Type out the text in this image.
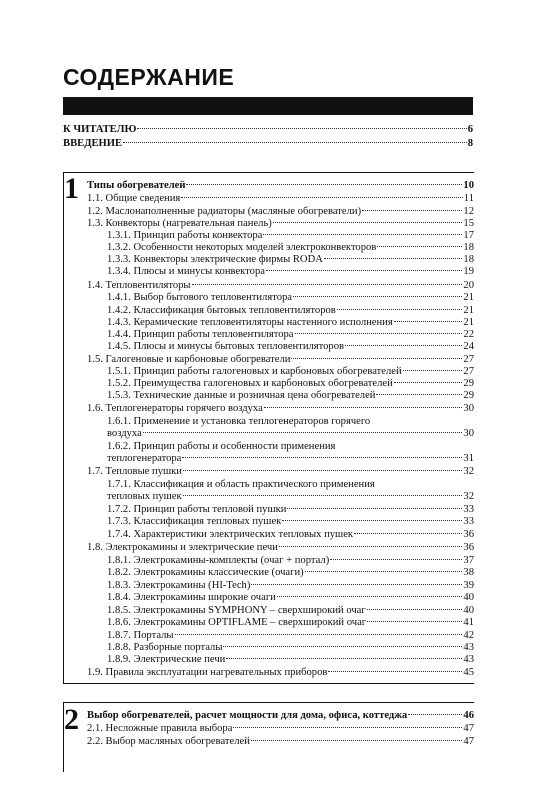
СОДЕРЖАНИЕ
К ЧИТАТЕЛЮ	6
ВВЕДЕНИЕ	8
1 Типы обогревателей	10
1.1. Общие сведения	11
1.2. Маслонаполненные радиаторы (масляные обогреватели)	12
1.3. Конвекторы (нагревательная панель)	15
1.3.1. Принцип работы конвектора	17
1.3.2. Особенности некоторых моделей электроконвекторов	18
1.3.3. Конвекторы электрические фирмы RODA	18
1.3.4. Плюсы и минусы конвектора	19
1.4. Тепловентиляторы	20
1.4.1. Выбор бытового тепловентилятора	21
1.4.2. Классификация бытовых тепловентиляторов	21
1.4.3. Керамические тепловентиляторы настенного исполнения	21
1.4.4. Принцип работы тепловентилятора	22
1.4.5. Плюсы и минусы бытовых тепловентиляторов	24
1.5. Галогеновые и карбоновые обогреватели	27
1.5.1. Принцип работы галогеновых и карбоновых обогревателей	27
1.5.2. Преимущества галогеновых и карбоновых обогревателей	29
1.5.3. Технические данные и розничная цена обогревателей	29
1.6. Теплогенераторы горячего воздуха	30
1.6.1. Применение и установка теплогенераторов горячего
воздуха	30
1.6.2. Принцип работы и особенности применения
теплогенератора	31
1.7. Тепловые пушки	32
1.7.1. Классификация и область практического применения
тепловых пушек	32
1.7.2. Принцип работы тепловой пушки	33
1.7.3. Классификация тепловых пушек	33
1.7.4. Характеристики электрических тепловых пушек	36
1.8. Электрокамины и электрические печи	36
1.8.1. Электрокамины-комплекты (очаг + портал)	37
1.8.2. Электрокамины классические (очаги)	38
1.8.3. Электрокамины (HI-Tech)	39
1.8.4. Электрокамины широкие очаги	40
1.8.5. Электрокамины SYMPHONY – сверхширокий очаг	40
1.8.6. Электрокамины OPTIFLAME – сверхширокий очаг	41
1.8.7. Порталы	42
1.8.8. Разборные порталы	43
1.8.9. Электрические печи	43
1.9. Правила эксплуатации нагревательных приборов	45
2 Выбор обогревателей, расчет мощности для дома, офиса, коттеджа	46
2.1. Несложные правила выбора	47
2.2. Выбор масляных обогревателей	47
